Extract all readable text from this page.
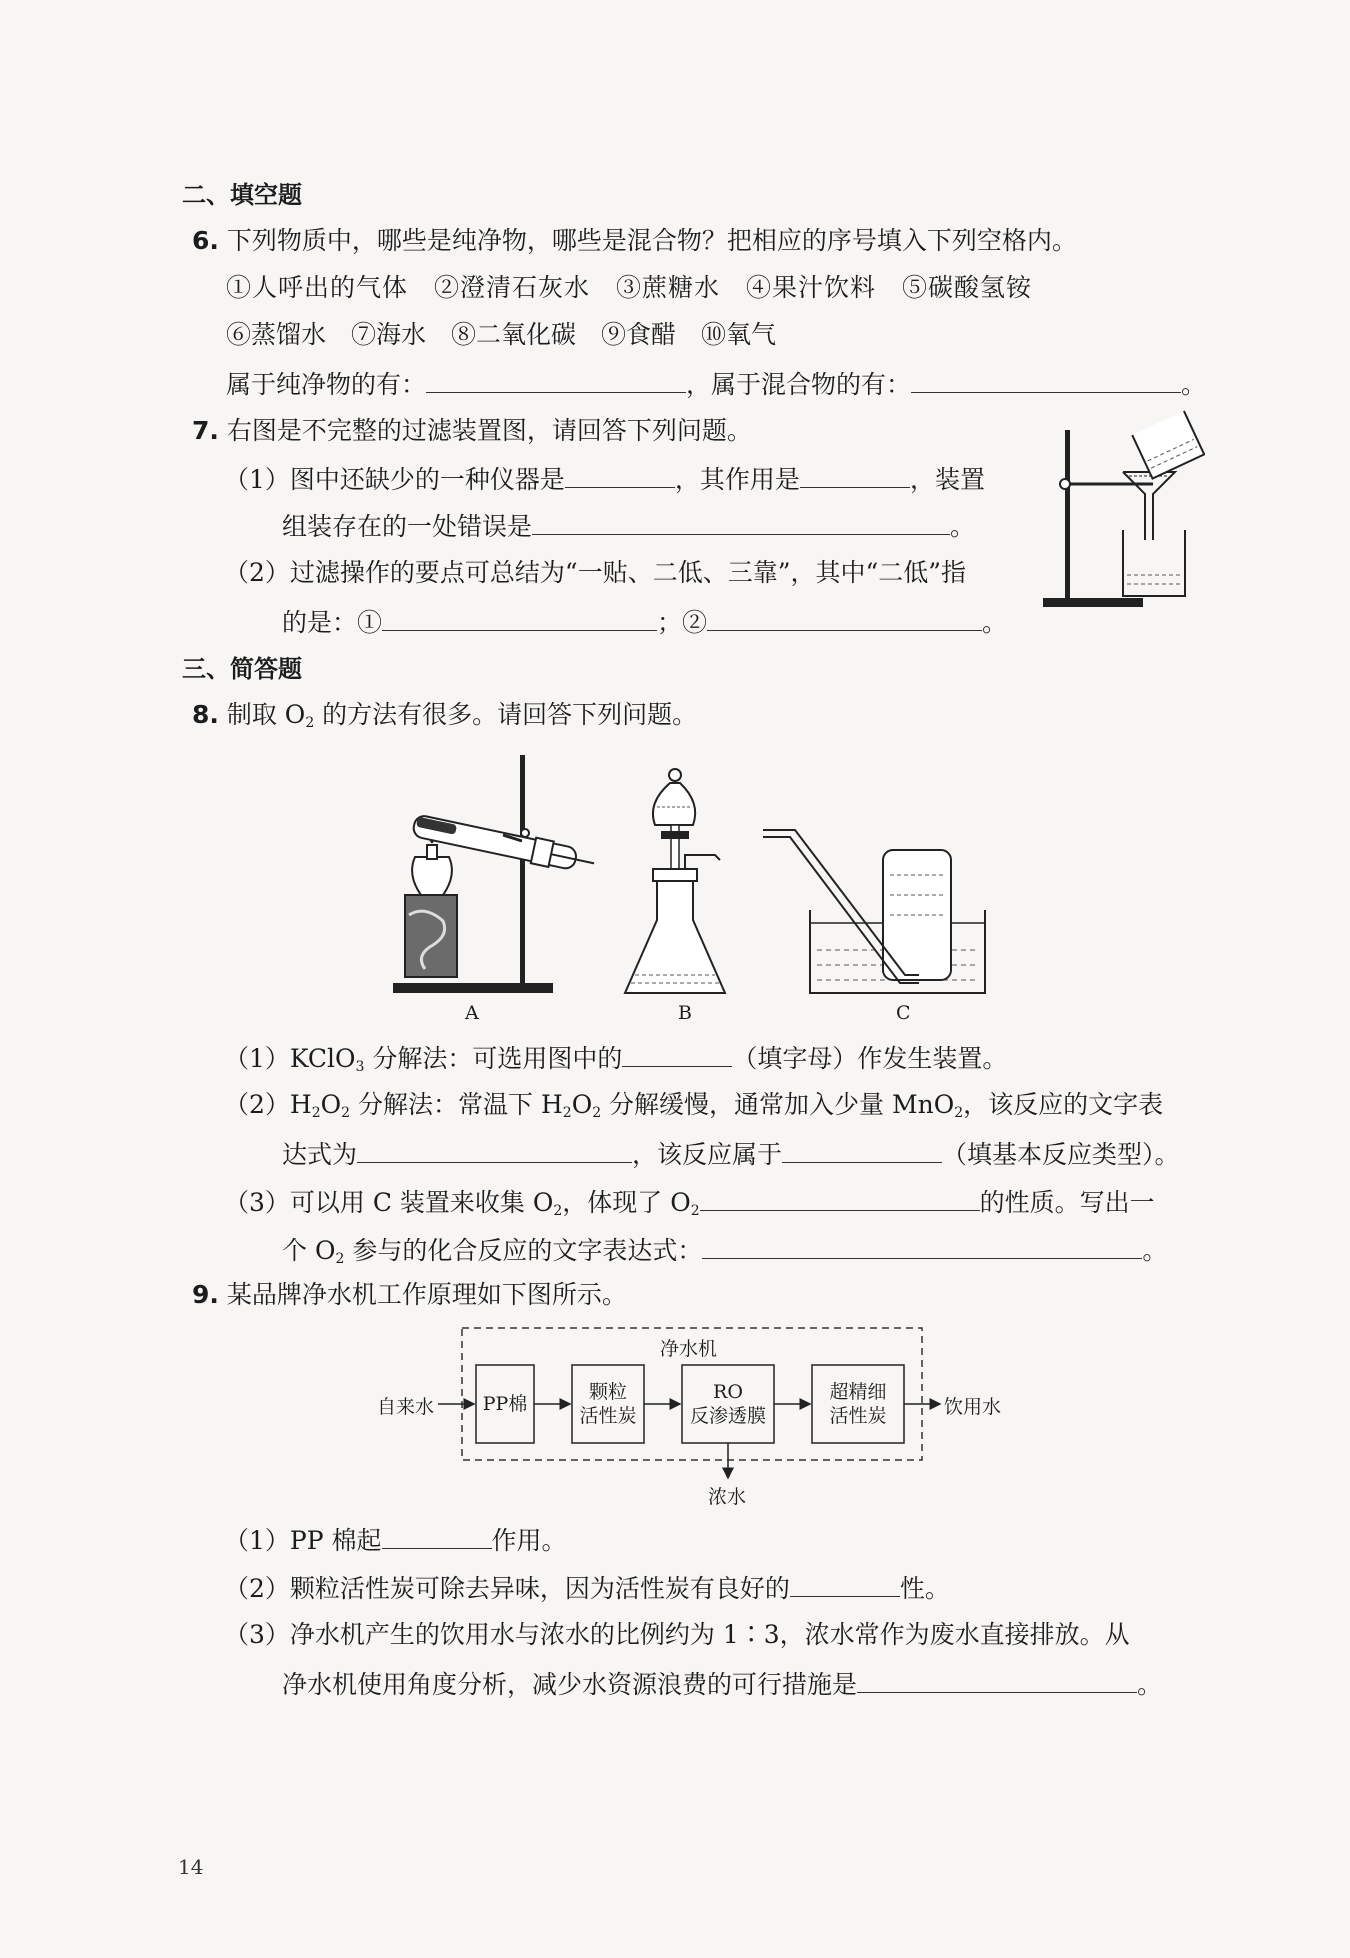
二、填空题
6. 下列物质中，哪些是纯净物，哪些是混合物？把相应的序号填入下列空格内。
①人呼出的气体　②澄清石灰水　③蔗糖水　④果汁饮料　⑤碳酸氢铵
⑥蒸馏水　⑦海水　⑧二氧化碳　⑨食醋　⑩氧气
属于纯净物的有：	，属于混合物的有：	。
7. 右图是不完整的过滤装置图，请回答下列问题。
（1）图中还缺少的一种仪器是	，其作用是	，装置
组装存在的一处错误是	。
（2）过滤操作的要点可总结为“一贴、二低、三靠”，其中“二低”指
的是：①	；②	。
三、简答题
8. 制取 $O_2$ 的方法有很多。请回答下列问题。
A	B	C
（1）KClO$_3$ 分解法：可选用图中的	（填字母）作发生装置。
$(2)H_2O_2$ 分解法：常温下 $H_2O_2$ 分解缓慢，通常加入少量 MnO$_2$，该反应的文字表
达式为	，该反应属于	（填基本反应类型）。
（3）可以用 C 装置来收集 $O_2$，体现了 $O_2$	的性质。写出一
个 $O_2$ 参与的化合反应的文字表达式：	。
9. 某品牌净水机工作原理如下图所示。
净水机
自来水	PP棉
颗粒
活性炭
RO
反渗透膜
超精细
活性炭	饮用水
浓水
（1）PP 棉起	作用。
（2）颗粒活性炭可除去异味，因为活性炭有良好的	性。
（3）净水机产生的饮用水与浓水的比例约为 1∶3，浓水常作为废水直接排放。从
净水机使用角度分析，减少水资源浪费的可行措施是	。
14
